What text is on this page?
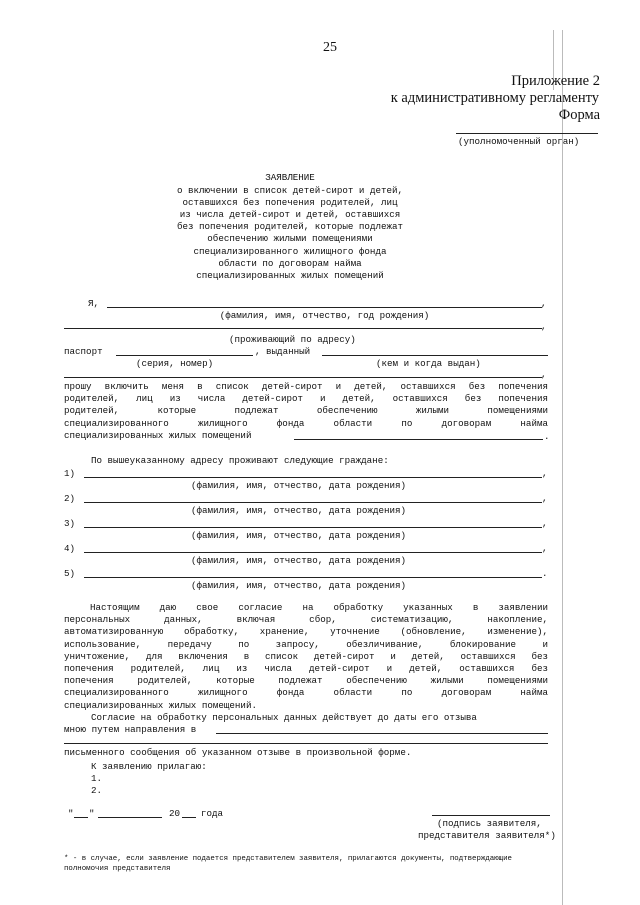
25
Приложение 2
к административному регламенту
Форма
(уполномоченный орган)
ЗАЯВЛЕНИЕ
о включении в список детей-сирот и детей,
оставшихся без попечения родителей, лиц
из числа детей-сирот и детей, оставшихся
без попечения родителей, которые подлежат
обеспечению жилыми помещениями
специализированного жилищного фонда
области по договорам найма
специализированных жилых помещений
Я,	,
(фамилия, имя, отчество, год рождения)
,
(проживающий по адресу)
паспорт	, выданный
(серия, номер)	(кем и когда выдан)
,
прошу включить меня в список детей-сирот и детей, оставшихся без попечения
родителей, лиц из числа детей-сирот и детей, оставшихся без попечения
родителей, которые подлежат обеспечению жилыми помещениями
специализированного жилищного фонда области по договорам найма
специализированных жилых помещений	.
По вышеуказанному адресу проживают следующие граждане:
1)	,
(фамилия, имя, отчество, дата рождения)
2)	,
(фамилия, имя, отчество, дата рождения)
3)	,
(фамилия, имя, отчество, дата рождения)
4)	,
(фамилия, имя, отчество, дата рождения)
5)	.
(фамилия, имя, отчество, дата рождения)
Настоящим даю свое согласие на обработку указанных в заявлении
персональных данных, включая сбор, систематизацию, накопление,
автоматизированную обработку, хранение, уточнение (обновление, изменение),
использование, передачу по запросу, обезличивание, блокирование и
уничтожение, для включения в список детей-сирот и детей, оставшихся без
попечения родителей, лиц из числа детей-сирот и детей, оставшихся без
попечения родителей, которые подлежат обеспечению жилыми помещениями
специализированного жилищного фонда области по договорам найма
специализированных жилых помещений.
Согласие на обработку персональных данных действует до даты его отзыва
мною путем направления в
письменного сообщения об указанном отзыве в произвольной форме.
К заявлению прилагаю:
1.
2.
" "	20 года
(подпись заявителя,
представителя заявителя*)
* - в случае, если заявление подается представителем заявителя, прилагаются документы, подтверждающие
полномочия представителя
